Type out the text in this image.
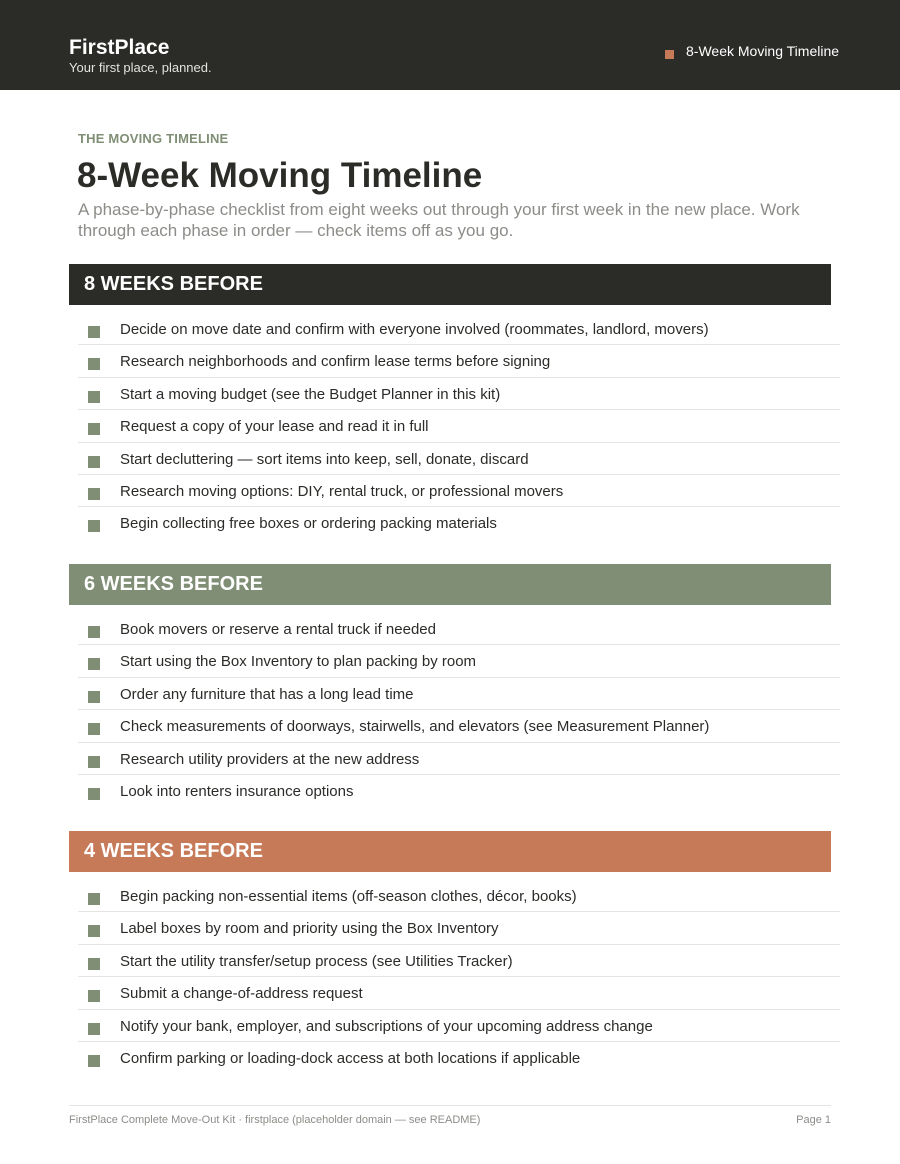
FirstPlace
Your first place, planned.
8-Week Moving Timeline
THE MOVING TIMELINE
8-Week Moving Timeline

A phase-by-phase checklist from eight weeks out through your first week in the new place. Work through each phase in order — check items off as you go.

8 WEEKS BEFORE
Decide on move date and confirm with everyone involved (roommates, landlord, movers)
Research neighborhoods and confirm lease terms before signing
Start a moving budget (see the Budget Planner in this kit)
Request a copy of your lease and read it in full
Start decluttering — sort items into keep, sell, donate, discard
Research moving options: DIY, rental truck, or professional movers
Begin collecting free boxes or ordering packing materials
6 WEEKS BEFORE
Book movers or reserve a rental truck if needed
Start using the Box Inventory to plan packing by room
Order any furniture that has a long lead time
Check measurements of doorways, stairwells, and elevators (see Measurement Planner)
Research utility providers at the new address
Look into renters insurance options
4 WEEKS BEFORE
Begin packing non-essential items (off-season clothes, décor, books)
Label boxes by room and priority using the Box Inventory
Start the utility transfer/setup process (see Utilities Tracker)
Submit a change-of-address request
Notify your bank, employer, and subscriptions of your upcoming address change
Confirm parking or loading-dock access at both locations if applicable
FirstPlace Complete Move-Out Kit · firstplace (placeholder domain — see README)	Page 1
